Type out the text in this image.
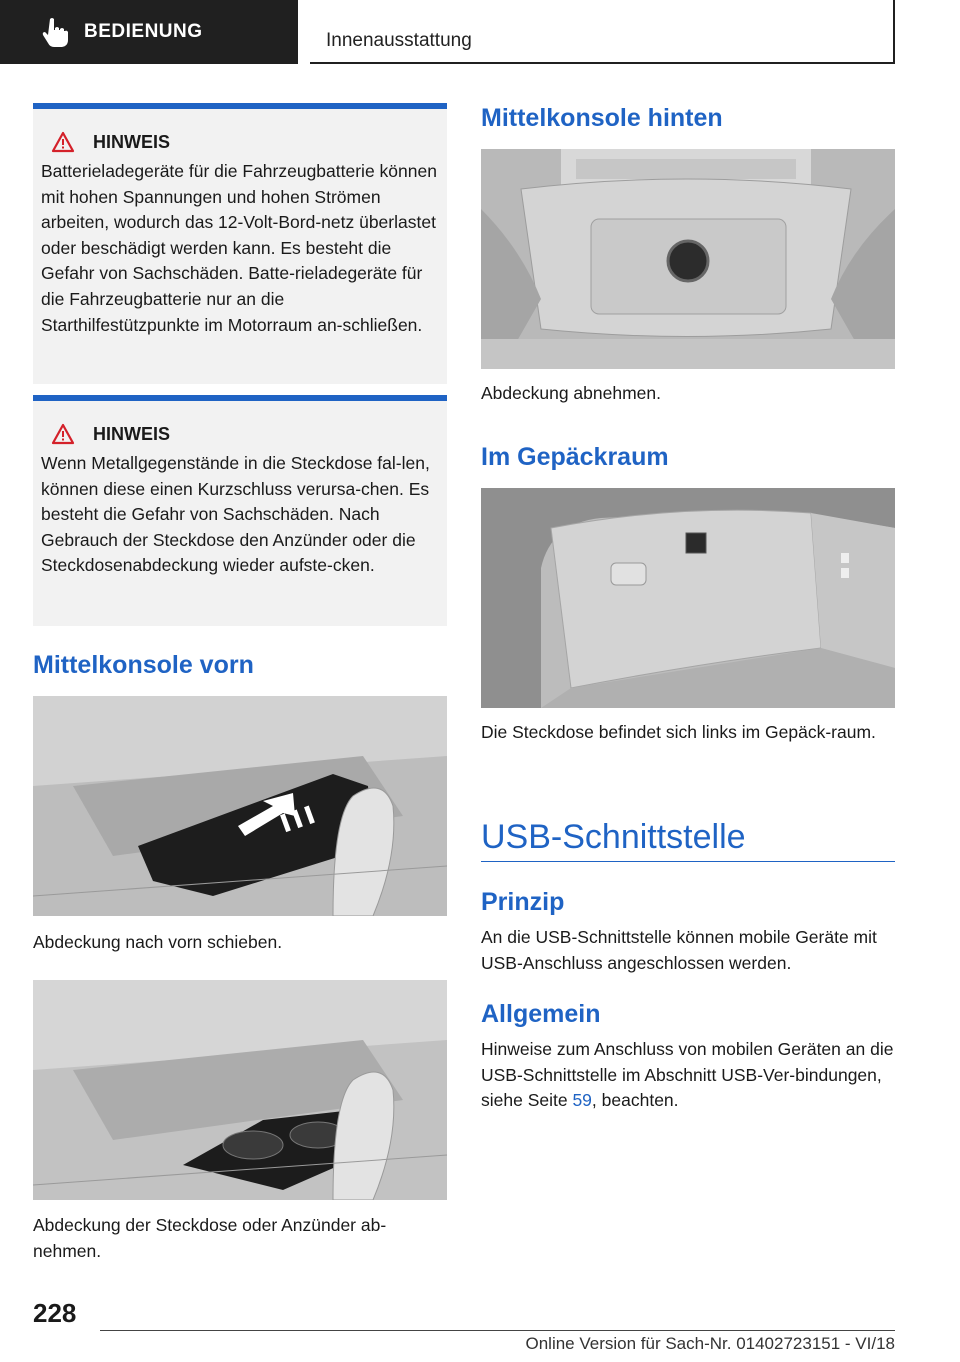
BEDIENUNG	Innenausstattung
HINWEIS
Batterieladegeräte für die Fahrzeugbatterie können mit hohen Spannungen und hohen Strömen arbeiten, wodurch das 12-Volt-Bord-netz überlastet oder beschädigt werden kann. Es besteht die Gefahr von Sachschäden. Batte-rieladegeräte für die Fahrzeugbatterie nur an die Starthilfestützpunkte im Motorraum an-schließen.
HINWEIS
Wenn Metallgegenstände in die Steckdose fal-len, können diese einen Kurzschluss verursa-chen. Es besteht die Gefahr von Sachschäden. Nach Gebrauch der Steckdose den Anzünder oder die Steckdosenabdeckung wieder aufste-cken.
Mittelkonsole vorn
Abdeckung nach vorn schieben.
Abdeckung der Steckdose oder Anzünder ab-nehmen.
Mittelkonsole hinten
Abdeckung abnehmen.
Im Gepäckraum
Die Steckdose befindet sich links im Gepäck-raum.
USB-Schnittstelle
Prinzip
An die USB-Schnittstelle können mobile Geräte mit USB-Anschluss angeschlossen werden.
Allgemein
Hinweise zum Anschluss von mobilen Geräten an die USB-Schnittstelle im Abschnitt USB-Ver-bindungen, siehe Seite 59, beachten.
228
Online Version für Sach-Nr. 01402723151 - VI/18
